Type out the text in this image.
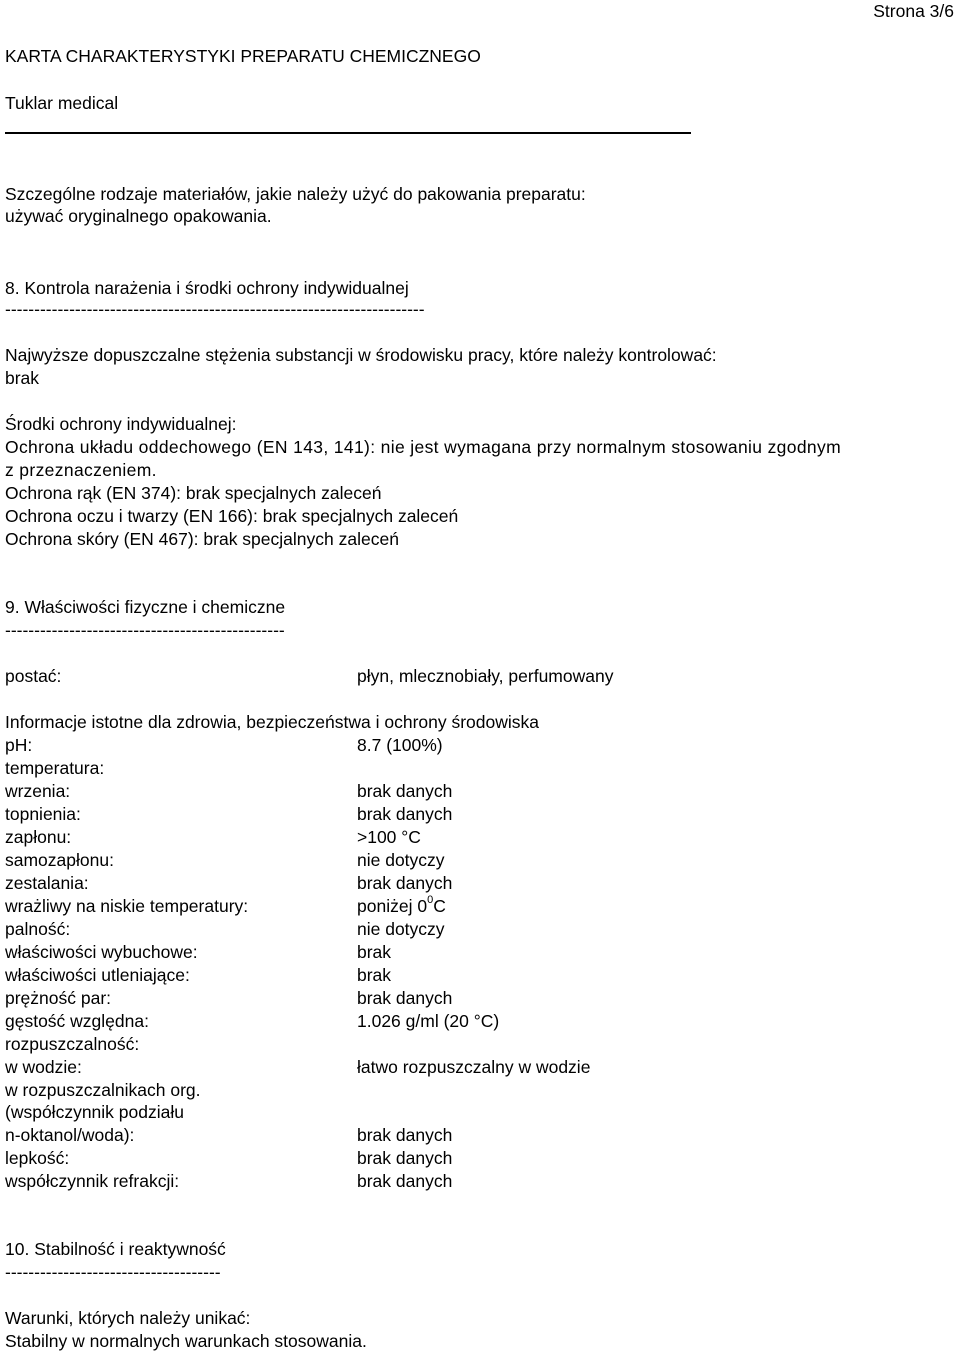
Strona 3/6
KARTA CHARAKTERYSTYKI PREPARATU CHEMICZNEGO
Tuklar medical
Szczególne rodzaje materiałów, jakie należy użyć do pakowania preparatu:
używać oryginalnego opakowania.
8. Kontrola narażenia i środki ochrony indywidualnej
------------------------------------------------------------------------
Najwyższe dopuszczalne stężenia substancji w środowisku pracy, które należy kontrolować:
brak
Środki ochrony indywidualnej:
Ochrona układu oddechowego (EN 143, 141): nie jest wymagana przy normalnym stosowaniu zgodnym
z przeznaczeniem.
Ochrona rąk (EN 374): brak specjalnych zaleceń
Ochrona oczu i twarzy (EN 166): brak specjalnych zaleceń
Ochrona skóry (EN 467): brak specjalnych zaleceń
9. Właściwości fizyczne i chemiczne
------------------------------------------------
postać:	płyn, mlecznobiały, perfumowany
Informacje istotne dla zdrowia, bezpieczeństwa i ochrony środowiska
pH:	8.7 (100%)
temperatura:
wrzenia:	brak danych
topnienia:	brak danych
zapłonu:	>100 °C
samozapłonu:	nie dotyczy
zestalania:	brak danych
wrażliwy na niskie temperatury:	poniżej $0^0C$
palność:	nie dotyczy
właściwości wybuchowe:	brak
właściwości utleniające:	brak
prężność par:	brak danych
gęstość względna:	1.026 g/ml (20 °C)
rozpuszczalność:
w wodzie:	łatwo rozpuszczalny w wodzie
w rozpuszczalnikach org.
(współczynnik podziału
n-oktanol/woda):	brak danych
lepkość:	brak danych
współczynnik refrakcji:	brak danych
10. Stabilność i reaktywność
-------------------------------------
Warunki, których należy unikać:
Stabilny w normalnych warunkach stosowania.
